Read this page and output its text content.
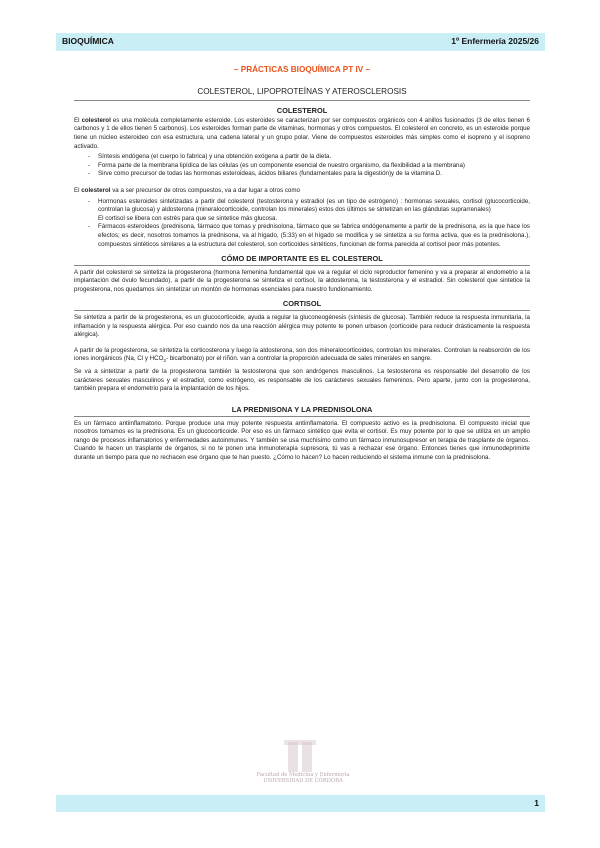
BIOQUÍMICA	1º Enfermería 2025/26
– PRÁCTICAS BIOQUÍMICA PT IV –
COLESTEROL, LIPOPROTEÍNAS Y ATEROSCLEROSIS
COLESTEROL

El colesterol es una molécula completamente esteroide. Los esteroides se caracterizan por ser compuestos orgánicos con 4 anillos fusionados (3 de ellos tienen 6 carbonos y 1 de ellos tienen 5 carbonos). Los esteroides forman parte de vitaminas, hormonas y otros compuestos. El colesterol en concreto, es un esteroide porque tiene un núcleo esteroideo con esa estructura, una cadena lateral y un grupo polar. Viene de compuestos esteroides más simples como el isopreno y el isopreno activado.

- Síntesis endógena (el cuerpo lo fabrica) y una obtención exógena a partir de la dieta.
- Forma parte de la membrana lipídica de las células (es un componente esencial de nuestro organismo, da flexibilidad a la membrana)
- Sirve como precursor de todas las hormonas esteroideas, ácidos biliares (fundamentales para la digestión)y de la vitamina D.

El colesterol va a ser precursor de otros compuestos, va a dar lugar a otros como

- Hormonas esteroides sintetizadas a partir del colesterol (testosterona y estradiol (es un tipo de estrógeno) : hormonas sexuales, cortisol (glucocorticoide, controlan la glucosa) y aldosterona (mineralocorticoide, controlan los minerales) estos dos últimos se sintetizan en las glándulas suprarrenales)

El cortisol se libera con estrés para que se sintetice más glucosa.

- Fármacos esteroideos (prednisona, fármaco que tomas y prednisolona, fármaco que se fabrica endógenamente a partir de la prednisona, es la que hace los efectos; es decir, nosotros tomamos la prednisona, va al hígado, (5:33) en el hígado se modifica y se sintetiza a su forma activa, que es la prednisolona.), compuestos sintéticos similares a la estructura del colesterol, son corticoides sintéticos, funcionan de forma parecida al cortisol peor más potentes.
CÓMO DE IMPORTANTE ES EL COLESTEROL

A partir del colesterol se sintetiza la progesterona (hormona femenina fundamental que va a regular el ciclo reproductor femenino y va a preparar al endometrio a la implantación del óvulo fecundado), a partir de la progesterona se sintetiza el cortisol, la aldosterona, la testosterona y el estradiol. Sin colesterol que sintetice la progesterona, nos quedamos sin sintetizar un montón de hormonas esenciales para nuestro fundionamiento.

CORTISOL

Se sintetiza a partir de la progesterona, es un glucocorticoide, ayuda a regular la gluconeogénesis (síntesis de glucosa). También reduce la respuesta inmunitaria, la inflamación y la respuesta alérgica. Por eso cuando nos da una reacción alérgica muy potente te ponen urbason (corticoide para reducir drásticamente la respuesta alérgica).

A partir de la progesterona, se sintetiza la corticosterona y luego la aldosterona, son dos mineralocorticoides, controlan los minerales. Controlan la reabsorción de los iones inorgánicos (Na, Cl y $HCO_3-$ bicarbonato) por el riñón. van a controlar la proporción adecuada de sales minerales en sangre.

Se va a sintetizar a partir de la progesterona también la testosterona que son andrógenos masculinos. La testosterona es responsable del desarrollo de los carácteres sexuales masculinos y el estradiol, como estrógeno, es responsable de los carácteres sexuales femeninos. Pero aparte, junto con la progesterona, también prepara el endometrio para la implantación de los hijos.

LA PREDNISONA Y LA PREDNISOLONA

Es un fármaco antiinflamatorio. Porque produce una muy potente respuesta antiinflamatoria. El compuesto activo es la prednisolona. El compuesto inicial que nosotros tomamos es la prednisona. Es un glucocorticoide. Por eso es un fármaco sintético que evita el cortisol. Es muy potente por lo que se utiliza en un amplio rango de procesos inflamatorios y enfermedades autoinmunes. Y también se usa muchísimo como un fármaco inmunosupresor en terapia de trasplante de órganos. Cuando te hacen un trasplante de órganos, si no te ponen una inmunoterapia supresora, tú vas a rechazar ese órgano. Entonces tienes que inmunodeprimirte durante un tiempo para que no rechacen ese órgano que te han puesto. ¿Cómo lo hacen? Lo hacen reduciendo el sistema inmune con la prednisolona.

Facultad de Medicina y Enfermería
UNIVERSIDAD DE CÓRDOBA
1
